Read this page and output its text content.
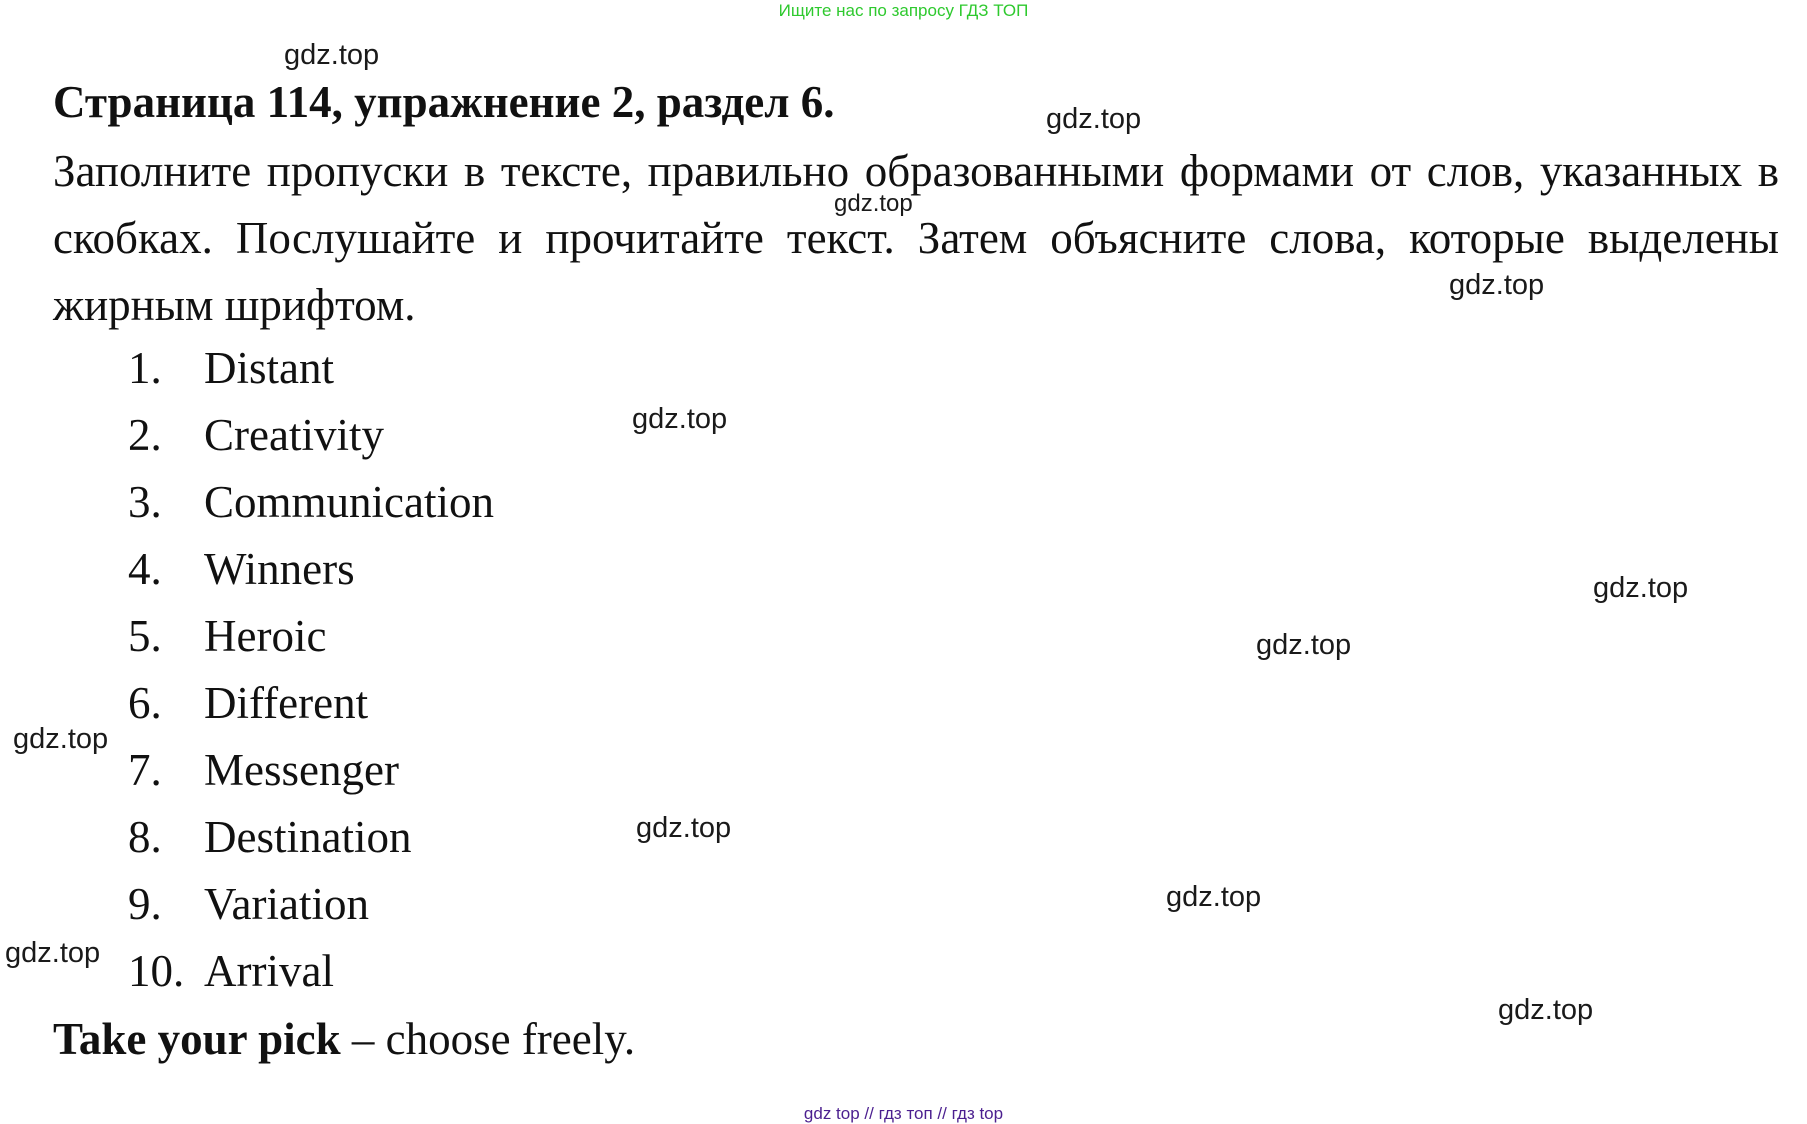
Ищите нас по запросу ГДЗ ТОП
Страница 114, упражнение 2, раздел 6.
Заполните пропуски в тексте, правильно образованными формами от слов, указанных в скобках. Послушайте и прочитайте текст. Затем объясните слова, которые выделены жирным шрифтом.
1. Distant
2. Creativity
3. Communication
4. Winners
5. Heroic
6. Different
7. Messenger
8. Destination
9. Variation
10. Arrival
Take your pick – choose freely.
gdz.top
gdz.top
gdz.top
gdz.top
gdz.top
gdz.top
gdz.top
gdz.top
gdz.top
gdz.top
gdz.top
gdz.top
gdz top // гдз топ // гдз top
